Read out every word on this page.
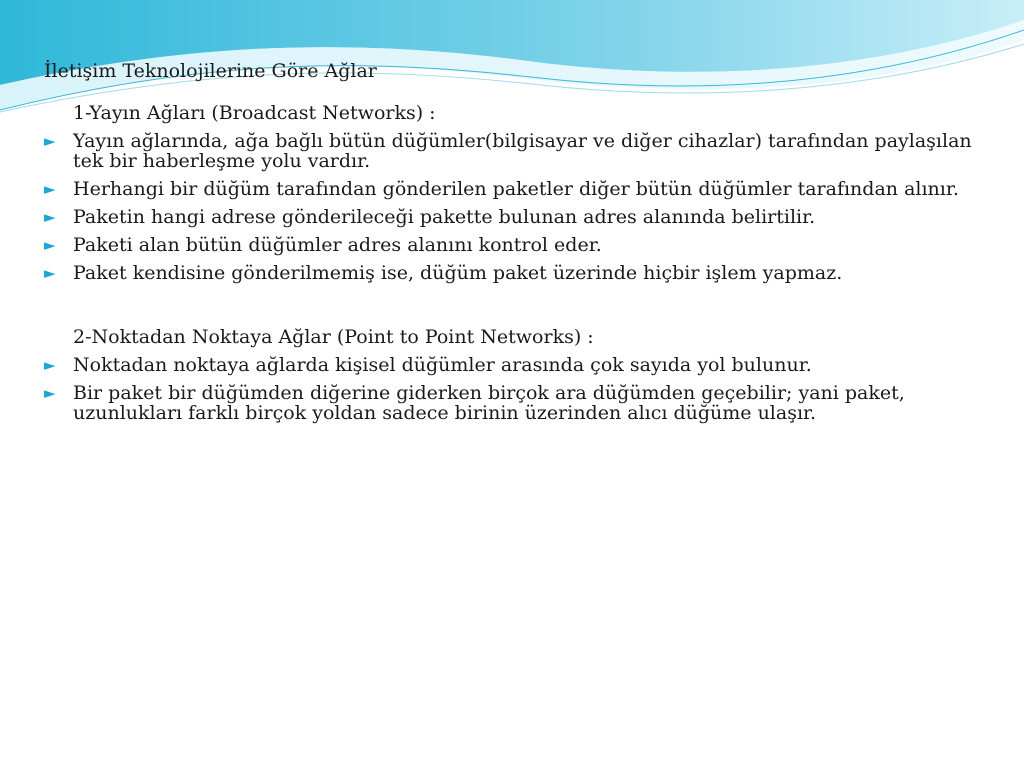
İletişim Teknolojilerine Göre Ağlar
1-Yayın Ağları (Broadcast Networks) :
► Yayın ağlarında, ağa bağlı bütün düğümler(bilgisayar ve diğer cihazlar) tarafından paylaşılan tek bir haberleşme yolu vardır.
► Herhangi bir düğüm tarafından gönderilen paketler diğer bütün düğümler tarafından alınır.
► Paketin hangi adrese gönderileceği pakette bulunan adres alanında belirtilir.
► Paketi alan bütün düğümler adres alanını kontrol eder.
► Paket kendisine gönderilmemiş ise, düğüm paket üzerinde hiçbir işlem yapmaz.
2-Noktadan Noktaya Ağlar (Point to Point Networks) :
► Noktadan noktaya ağlarda kişisel düğümler arasında çok sayıda yol bulunur.
► Bir paket bir düğümden diğerine giderken birçok ara düğümden geçebilir; yani paket, uzunlukları farklı birçok yoldan sadece birinin üzerinden alıcı düğüme ulaşır.
